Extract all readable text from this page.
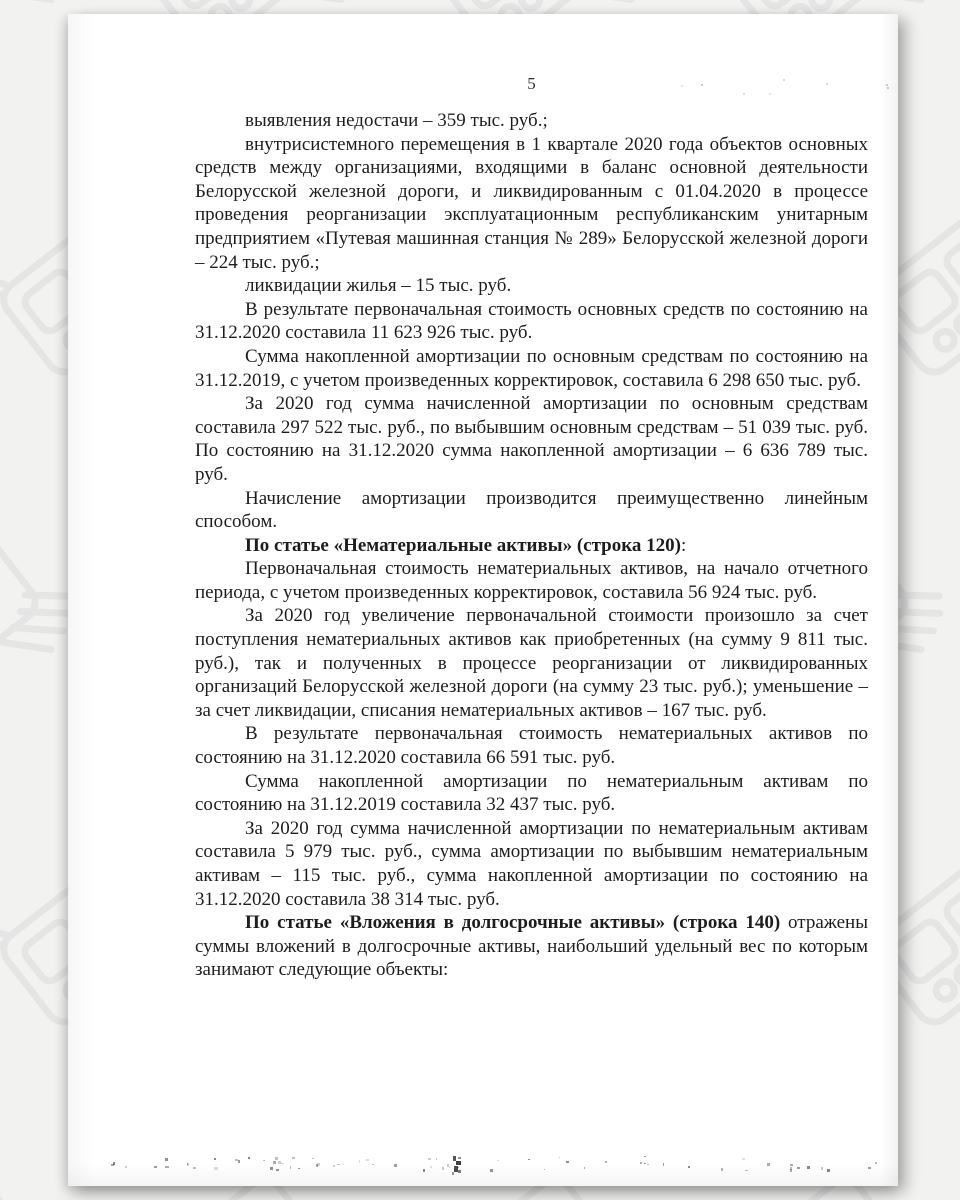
5

выявления недостачи – 359 тыс. руб.;

внутрисистемного перемещения в 1 квартале 2020 года объектов основных средств между организациями, входящими в баланс основной деятельности Белорусской железной дороги, и ликвидированным с 01.04.2020 в процессе проведения реорганизации эксплуатационным республиканским унитарным предприятием «Путевая машинная станция № 289» Белорусской железной дороги – 224 тыс. руб.;

ликвидации жилья – 15 тыс. руб.

В результате первоначальная стоимость основных средств по состоянию на 31.12.2020 составила 11 623 926 тыс. руб.

Сумма накопленной амортизации по основным средствам по состоянию на 31.12.2019, с учетом произведенных корректировок, составила 6 298 650 тыс. руб.

За 2020 год сумма начисленной амортизации по основным средствам составила 297 522 тыс. руб., по выбывшим основным средствам – 51 039 тыс. руб. По состоянию на 31.12.2020 сумма накопленной амортизации – 6 636 789 тыс. руб.

Начисление амортизации производится преимущественно линейным способом.

По статье «Нематериальные активы» (строка 120):

Первоначальная стоимость нематериальных активов, на начало отчетного периода, с учетом произведенных корректировок, составила 56 924 тыс. руб.

За 2020 год увеличение первоначальной стоимости произошло за счет поступления нематериальных активов как приобретенных (на сумму 9 811 тыс. руб.), так и полученных в процессе реорганизации от ликвидированных организаций Белорусской железной дороги (на сумму 23 тыс. руб.); уменьшение – за счет ликвидации, списания нематериальных активов – 167 тыс. руб.

В результате первоначальная стоимость нематериальных активов по состоянию на 31.12.2020 составила 66 591 тыс. руб.

Сумма накопленной амортизации по нематериальным активам по состоянию на 31.12.2019 составила 32 437 тыс. руб.

За 2020 год сумма начисленной амортизации по нематериальным активам составила 5 979 тыс. руб., сумма амортизации по выбывшим нематериальным активам – 115 тыс. руб., сумма накопленной амортизации по состоянию на 31.12.2020 составила 38 314 тыс. руб.

По статье «Вложения в долгосрочные активы» (строка 140) отражены суммы вложений в долгосрочные активы, наибольший удельный вес по которым занимают следующие объекты:
